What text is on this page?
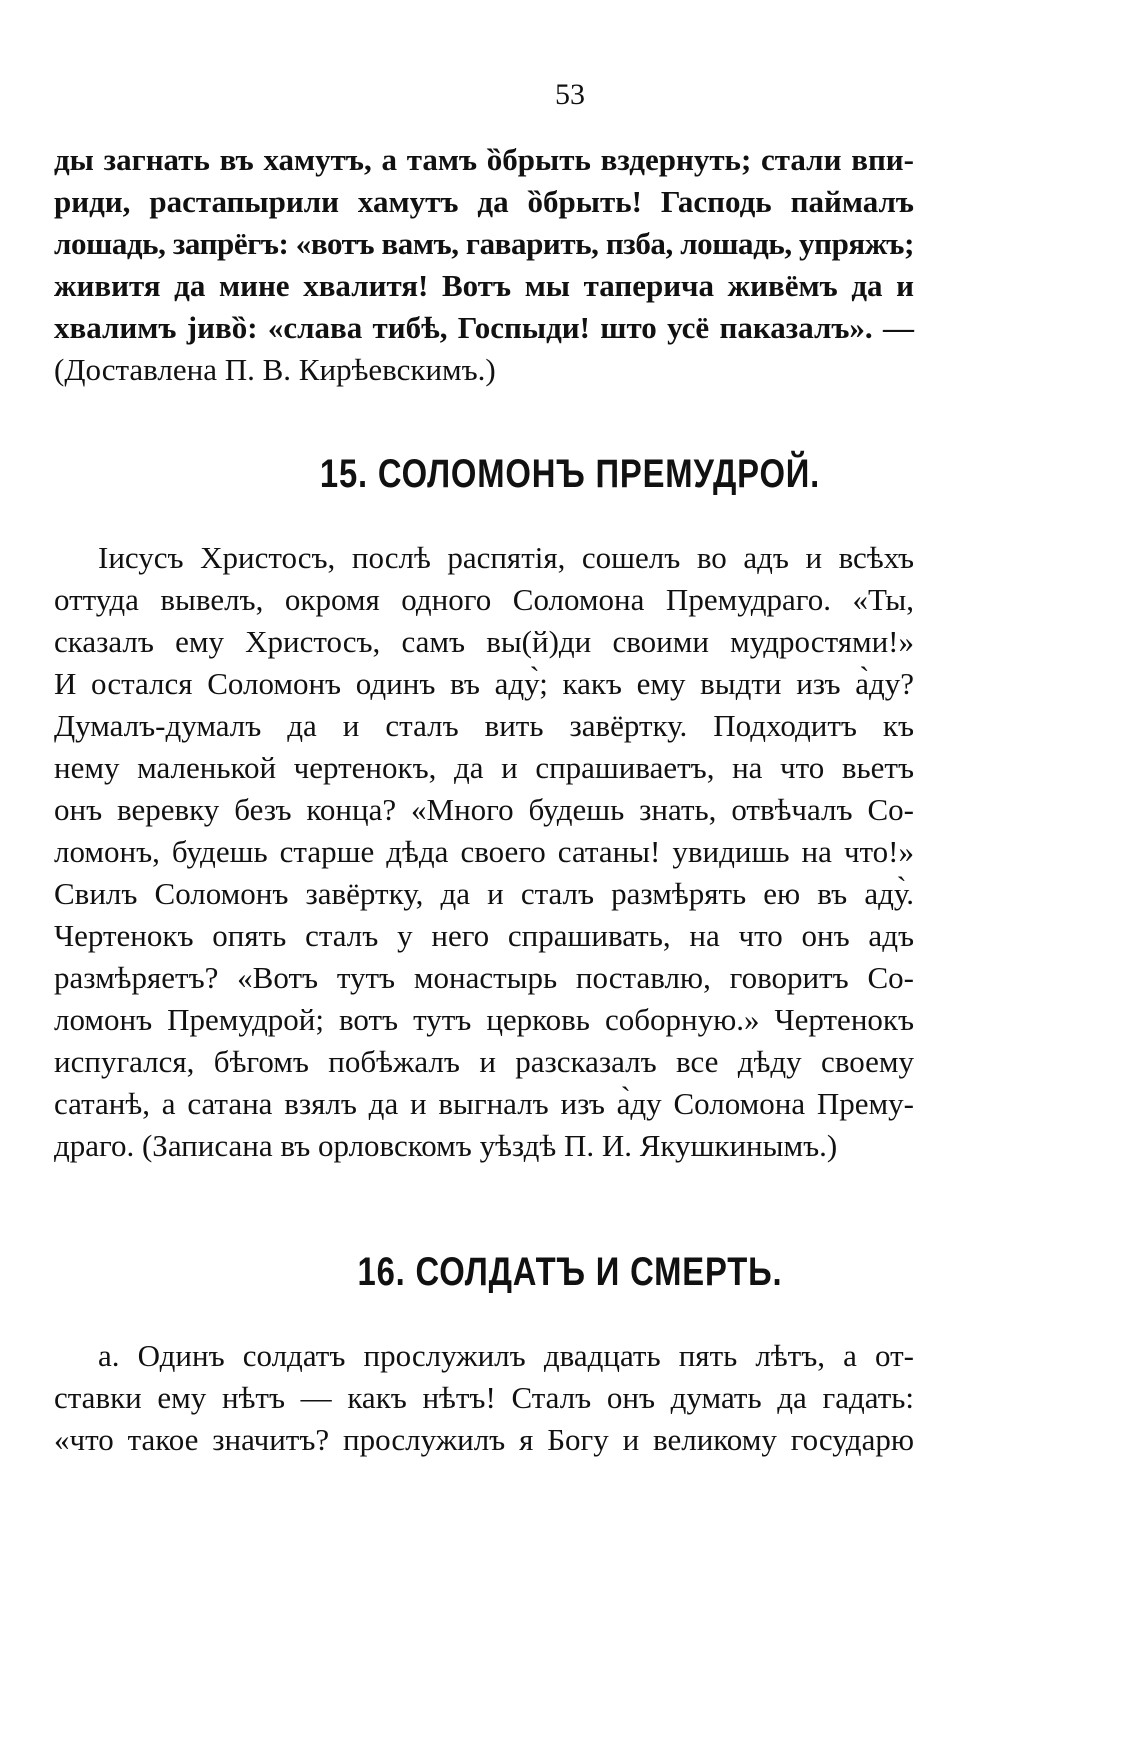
53
ды загнать въ хамутъ, а тамъ ȍбрыть вздернуть; стали впи-
риди, растапырили хамутъ да ȍбрыть! Гасподь паймалъ
лошадь, запрёгъ: «вотъ вамъ, гаварить, пзба, лошадь, упряжъ;
живитя да мине хвалитя! Вотъ мы таперича живёмъ да и
хвалимъ јивȍ: «слава тибѣ, Госпыди! што усё паказалъ». —
(Доставлена П. В. Кирѣевскимъ.)
15. СОЛОМОНЪ ПРЕМУДРОЙ.
Іисусъ Христосъ, послѣ распятія, сошелъ во адъ и всѣхъ
оттуда вывелъ, окромя одного Соломона Премудраго. «Ты,
сказалъ ему Христосъ, самъ вы(й)ди своими мудростями!»
И остался Соломонъ одинъ въ аду̀; какъ ему выдти изъ а̀ду?
Думалъ-думалъ да и сталъ вить завёртку. Подходитъ къ
нему маленькой чертенокъ, да и спрашиваетъ, на что вьетъ
онъ веревку безъ конца? «Много будешь знать, отвѣчалъ Со-
ломонъ, будешь старше дѣда своего сатаны! увидишь на что!»
Свилъ Соломонъ завёртку, да и сталъ размѣрять ею въ аду̀.
Чертенокъ опять сталъ у него спрашивать, на что онъ адъ
размѣряетъ? «Вотъ тутъ монастырь поставлю, говоритъ Со-
ломонъ Премудрой; вотъ тутъ церковь соборную.» Чертенокъ
испугался, бѣгомъ побѣжалъ и разсказалъ все дѣду своему
сатанѣ, а сатана взялъ да и выгналъ изъ а̀ду Соломона Прему-
драго. (Записана въ орловскомъ уѣздѣ П. И. Якушкинымъ.)
16. СОЛДАТЪ И СМЕРТЬ.
а. Одинъ солдатъ прослужилъ двадцать пять лѣтъ, а от-
ставки ему нѣтъ — какъ нѣтъ! Сталъ онъ думать да гадать:
«что такое значитъ? прослужилъ я Богу и великому государю
